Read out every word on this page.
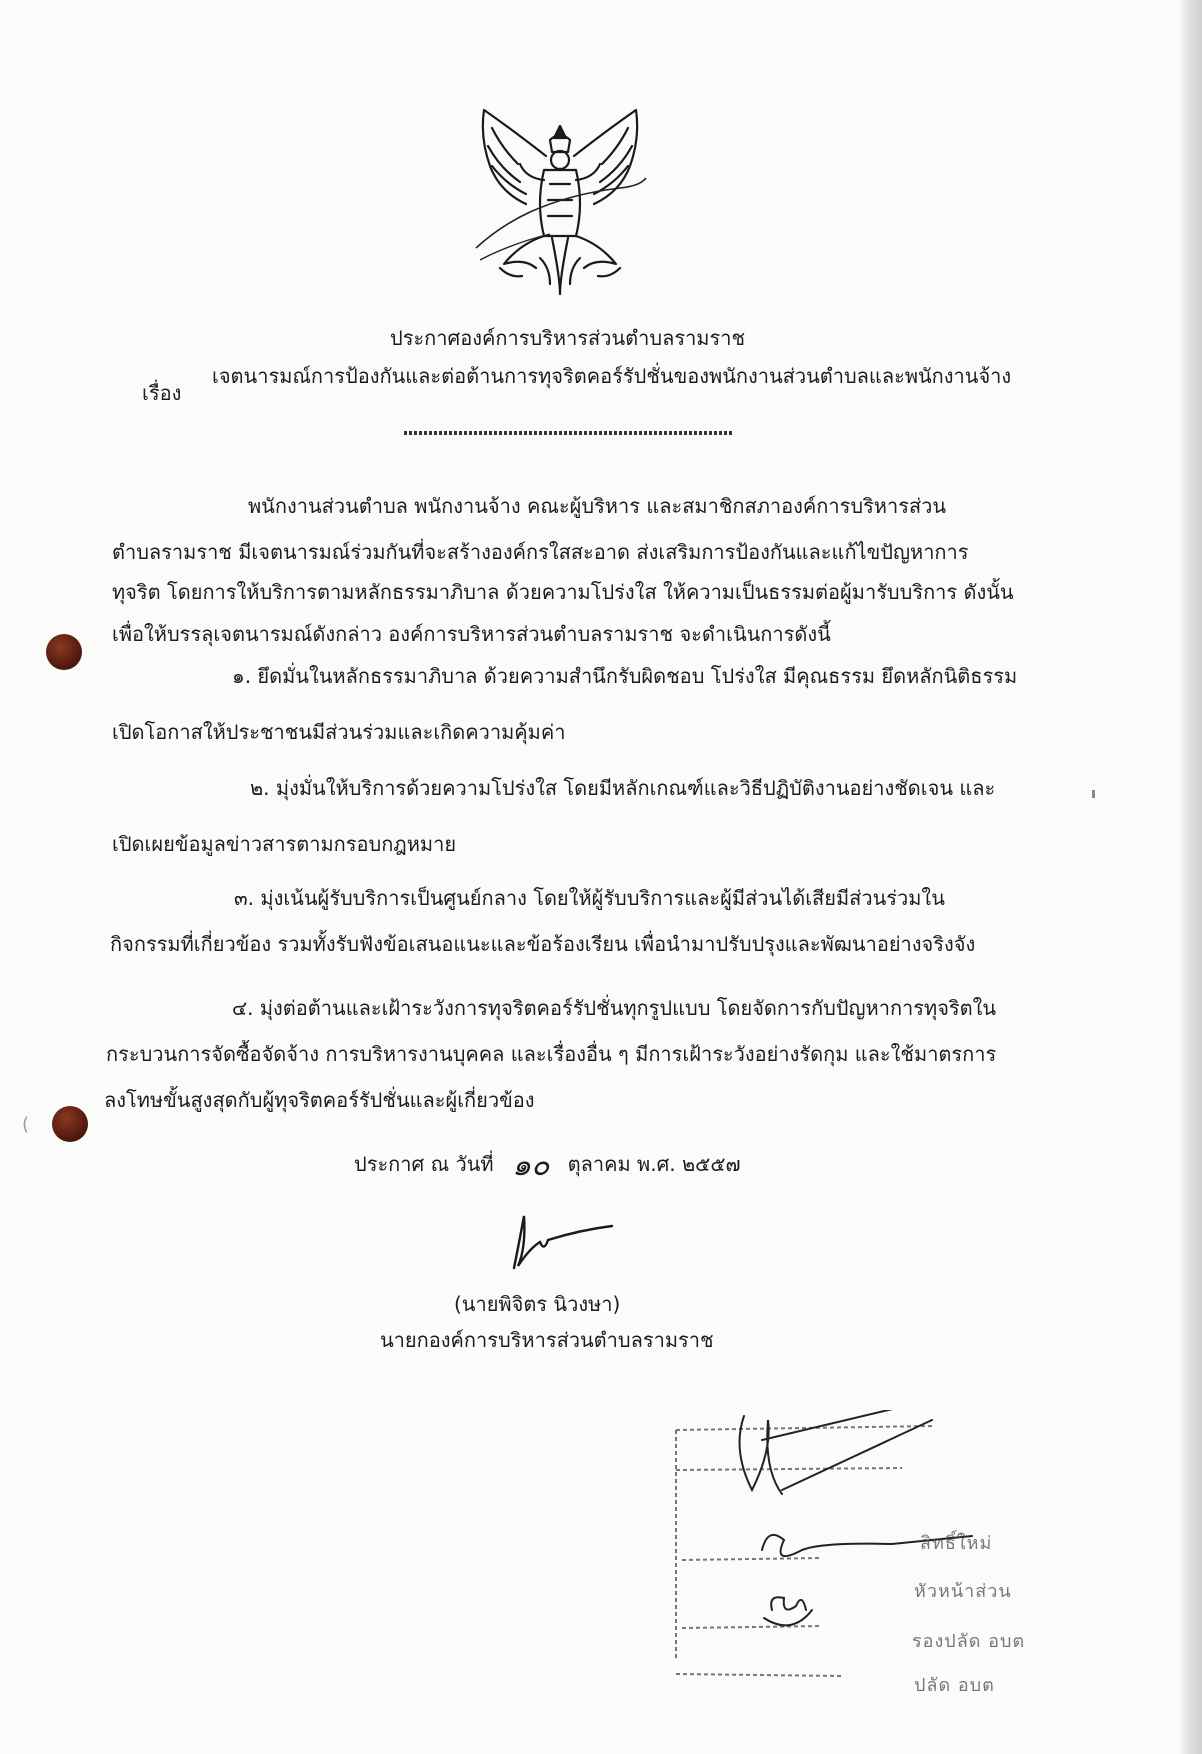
(
ประกาศองค์การบริหารส่วนตำบลรามราช
เรื่อง
เจตนารมณ์การป้องกันและต่อต้านการทุจริตคอร์รัปชั่นของพนักงานส่วนตำบลและพนักงานจ้าง
พนักงานส่วนตำบล พนักงานจ้าง คณะผู้บริหาร และสมาชิกสภาองค์การบริหารส่วน
ตำบลรามราช มีเจตนารมณ์ร่วมกันที่จะสร้างองค์กรใสสะอาด ส่งเสริมการป้องกันและแก้ไขปัญหาการ
ทุจริต โดยการให้บริการตามหลักธรรมาภิบาล ด้วยความโปร่งใส ให้ความเป็นธรรมต่อผู้มารับบริการ ดังนั้น
เพื่อให้บรรลุเจตนารมณ์ดังกล่าว องค์การบริหารส่วนตำบลรามราช จะดำเนินการดังนี้
๑. ยึดมั่นในหลักธรรมาภิบาล ด้วยความสำนึกรับผิดชอบ โปร่งใส มีคุณธรรม ยึดหลักนิติธรรม
เปิดโอกาสให้ประชาชนมีส่วนร่วมและเกิดความคุ้มค่า
๒. มุ่งมั่นให้บริการด้วยความโปร่งใส โดยมีหลักเกณฑ์และวิธีปฏิบัติงานอย่างชัดเจน และ
เปิดเผยข้อมูลข่าวสารตามกรอบกฎหมาย
๓. มุ่งเน้นผู้รับบริการเป็นศูนย์กลาง โดยให้ผู้รับบริการและผู้มีส่วนได้เสียมีส่วนร่วมใน
กิจกรรมที่เกี่ยวข้อง รวมทั้งรับฟังข้อเสนอแนะและข้อร้องเรียน เพื่อนำมาปรับปรุงและพัฒนาอย่างจริงจัง
๔. มุ่งต่อต้านและเฝ้าระวังการทุจริตคอร์รัปชั่นทุกรูปแบบ โดยจัดการกับปัญหาการทุจริตใน
กระบวนการจัดซื้อจัดจ้าง การบริหารงานบุคคล และเรื่องอื่น ๆ มีการเฝ้าระวังอย่างรัดกุม และใช้มาตรการ
ลงโทษขั้นสูงสุดกับผู้ทุจริตคอร์รัปชั่นและผู้เกี่ยวข้อง
ประกาศ ณ วันที่ ๑๐ ตุลาคม พ.ศ. ๒๕๕๗
(นายพิจิตร นิวงษา)
นายกองค์การบริหารส่วนตำบลรามราช
สิทธิ์ใหม่
หัวหน้าส่วน
รองปลัด อบต
ปลัด อบต
